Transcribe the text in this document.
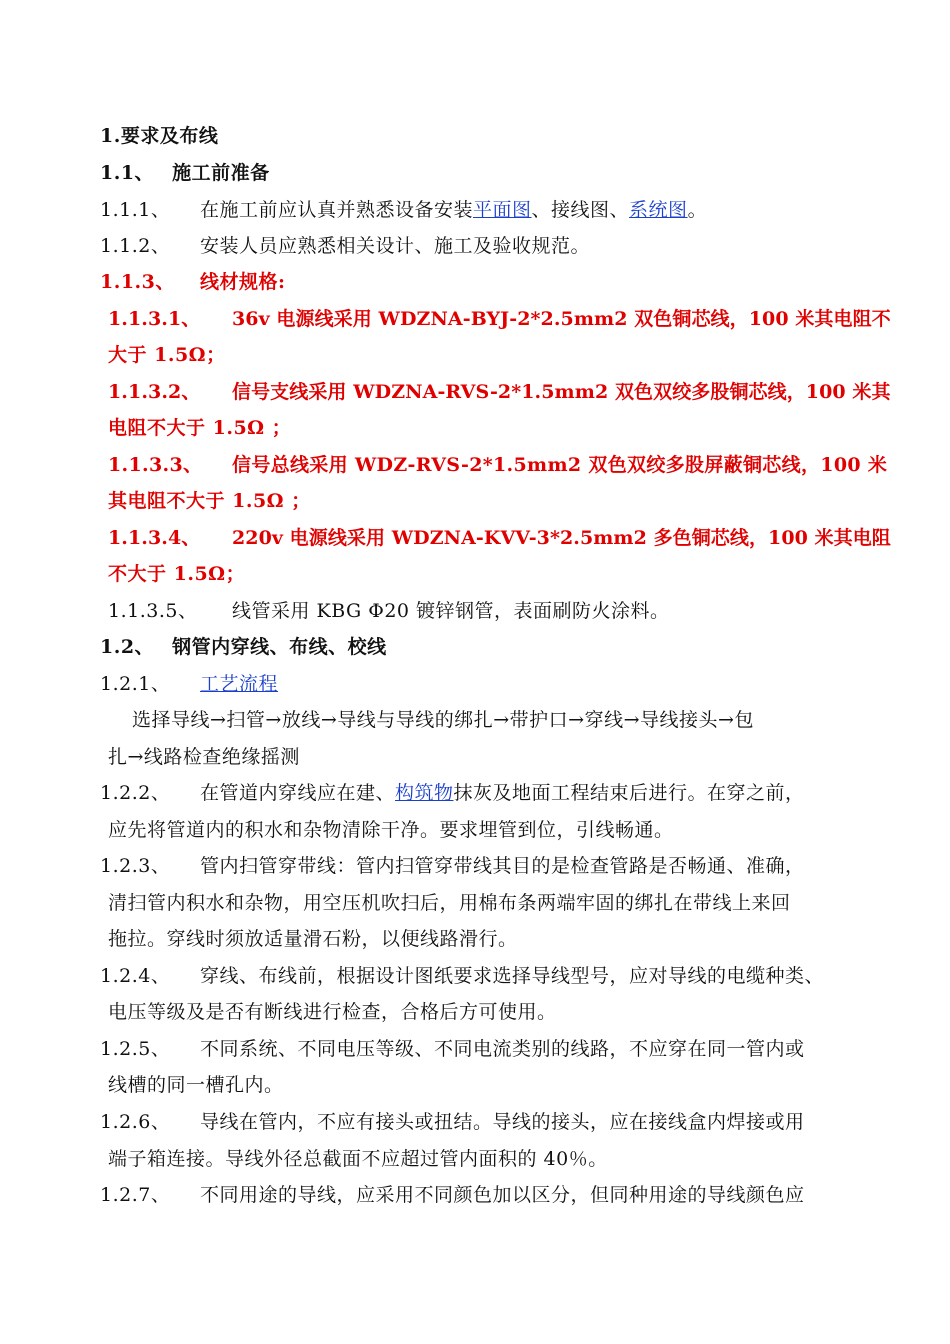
1.要求及布线
1.1、 施工前准备
1.1.1、 在施工前应认真并熟悉设备安装平面图、接线图、系统图。
1.1.2、 安装人员应熟悉相关设计、施工及验收规范。
1.1.3、 线材规格:
1.1.3.1、 36v 电源线采用 WDZNA-BYJ-2*2.5mm2 双色铜芯线，100 米其电阻不
大于 1.5Ω；
1.1.3.2、 信号支线采用 WDZNA-RVS-2*1.5mm2 双色双绞多股铜芯线，100 米其
电阻不大于 1.5Ω ；
1.1.3.3、 信号总线采用 WDZ-RVS-2*1.5mm2 双色双绞多股屏蔽铜芯线，100 米
其电阻不大于 1.5Ω ；
1.1.3.4、 220v 电源线采用 WDZNA-KVV-3*2.5mm2 多色铜芯线，100 米其电阻
不大于 1.5Ω；
1.1.3.5、 线管采用 KBG Φ20 镀锌钢管，表面刷防火涂料。
1.2、 钢管内穿线、布线、校线
1.2.1、 工艺流程
选择导线→扫管→放线→导线与导线的绑扎→带护口→穿线→导线接头→包
扎→线路检查绝缘摇测
1.2.2、 在管道内穿线应在建、构筑物抹灰及地面工程结束后进行。在穿之前，
应先将管道内的积水和杂物清除干净。要求埋管到位，引线畅通。
1.2.3、 管内扫管穿带线：管内扫管穿带线其目的是检查管路是否畅通、准确，
清扫管内积水和杂物，用空压机吹扫后，用棉布条两端牢固的绑扎在带线上来回
拖拉。穿线时须放适量滑石粉，以便线路滑行。
1.2.4、 穿线、布线前，根据设计图纸要求选择导线型号，应对导线的电缆种类、
电压等级及是否有断线进行检查，合格后方可使用。
1.2.5、 不同系统、不同电压等级、不同电流类别的线路，不应穿在同一管内或
线槽的同一槽孔内。
1.2.6、 导线在管内，不应有接头或扭结。导线的接头，应在接线盒内焊接或用
端子箱连接。导线外径总截面不应超过管内面积的 40％。
1.2.7、 不同用途的导线，应采用不同颜色加以区分，但同种用途的导线颜色应
